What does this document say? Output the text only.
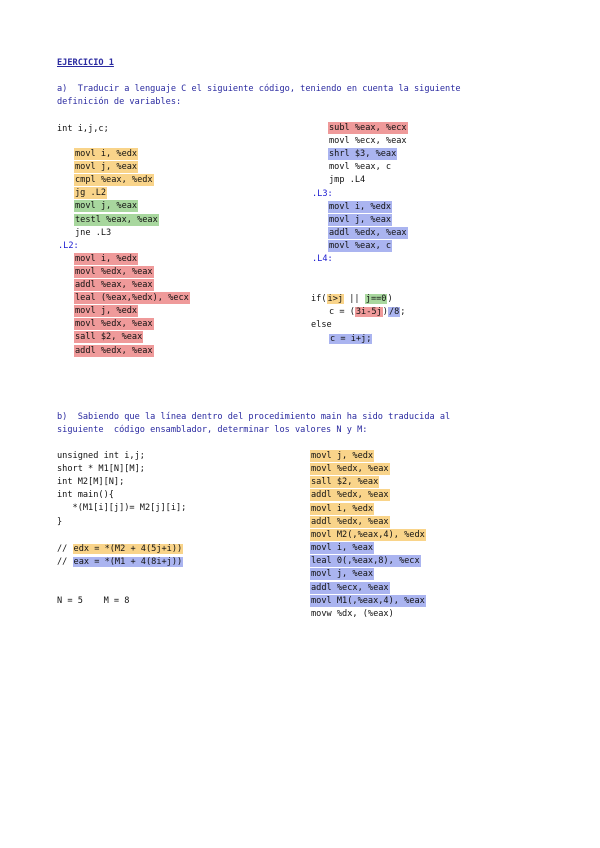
EJERCICIO 1
a)  Traducir a lenguaje C el siguiente código, teniendo en cuenta la siguiente
definición de variables:
int i,j,c;
movl i, %edx
movl j, %eax
cmpl %eax, %edx
jg .L2
movl j, %eax
testl %eax, %eax
jne .L3
.L2:
movl i, %edx
movl %edx, %eax
addl %eax, %eax
leal (%eax,%edx), %ecx
movl j, %edx
movl %edx, %eax
sall $2, %eax
addl %edx, %eax
subl %eax, %ecx
movl %ecx, %eax
shrl $3, %eax
movl %eax, c
jmp .L4
.L3:
movl i, %edx
movl j, %eax
addl %edx, %eax
movl %eax, c
.L4:
if(i>j || j==0)
c = (3i-5j)/8;
else
c = i+j;
b)  Sabiendo que la línea dentro del procedimiento main ha sido traducida al
siguiente  código ensamblador, determinar los valores N y M:
unsigned int i,j;
short * M1[N][M];
int M2[M][N];
int main(){
*(M1[i][j])= M2[j][i];
}
// edx = *(M2 + 4(5j+i))
// eax = *(M1 + 4(8i+j))
N = 5    M = 8
movl j, %edx
movl %edx, %eax
sall $2, %eax
addl %edx, %eax
movl i, %edx
addl %edx, %eax
movl M2(,%eax,4), %edx
movl i, %eax
leal 0(,%eax,8), %ecx
movl j, %eax
addl %ecx, %eax
movl M1(,%eax,4), %eax
movw %dx, (%eax)
